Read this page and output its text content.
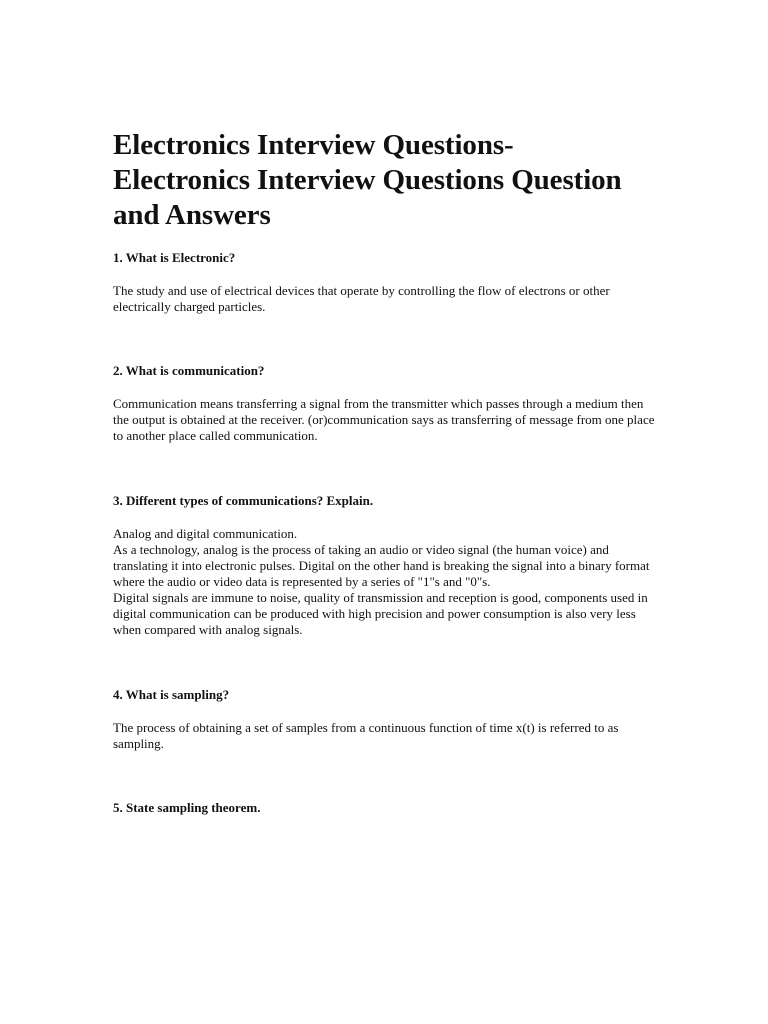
Electronics Interview Questions-
Electronics Interview Questions Question
and Answers
1. What is Electronic?

The study and use of electrical devices that operate by controlling the flow of electrons or other electrically charged particles.

2. What is communication?

Communication means transferring a signal from the transmitter which passes through a medium then the output is obtained at the receiver. (or)communication says as transferring of message from one place to another place called communication.

3. Different types of communications? Explain.

Analog and digital communication.

As a technology, analog is the process of taking an audio or video signal (the human voice) and translating it into electronic pulses. Digital on the other hand is breaking the signal into a binary format where the audio or video data is represented by a series of "1"s and "0"s.

Digital signals are immune to noise, quality of transmission and reception is good, components used in digital communication can be produced with high precision and power consumption is also very less when compared with analog signals.

4. What is sampling?

The process of obtaining a set of samples from a continuous function of time x(t) is referred to as sampling.

5. State sampling theorem.
